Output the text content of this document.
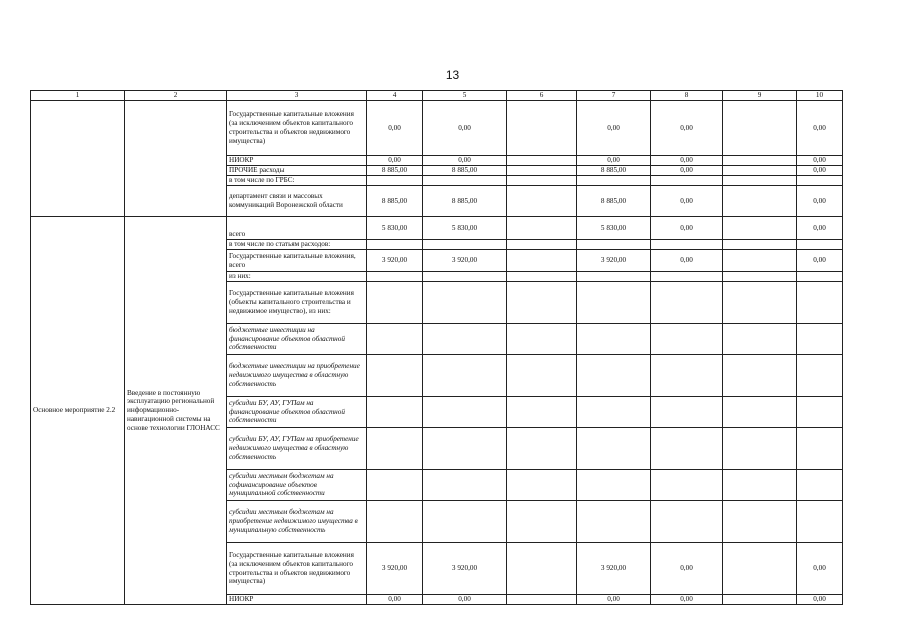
13
1	2	3	4	5	6	7	8	9	10
		Государственные капитальные вложения (за исключением объектов капитального строительства и объектов недвижимого имущества)	0,00	0,00		0,00	0,00		0,00
		НИОКР	0,00	0,00		0,00	0,00		0,00
		ПРОЧИЕ расходы	8 885,00	8 885,00		8 885,00	0,00		0,00
		в том числе по ГРБС:							
		департамент связи и массовых коммуникаций Воронежской области	8 885,00	8 885,00		8 885,00	0,00		0,00
Основное мероприятие 2.2	Введение в постоянную эксплуатацию региональной информационно-навигационной системы на основе технологии ГЛОНАСС	всего	5 830,00	5 830,00		5 830,00	0,00		0,00
		в том числе по статьям расходов:							
		Государственные капитальные вложения, всего	3 920,00	3 920,00		3 920,00	0,00		0,00
		из них:							
		Государственные капитальные вложения (объекты капитального строительства и недвижимое имущество), из них:							
		бюджетные инвестиции на финансирование объектов областной собственности							
		бюджетные инвестиции на приобретение недвижимого имущества в областную собственность							
		субсидии БУ, АУ, ГУПам на финансирование объектов областной собственности							
		субсидии БУ, АУ, ГУПам на приобретение недвижимого имущества в областную собственность							
		субсидии местным бюджетам на софинансирование объектов муниципальной собственности							
		субсидии местным бюджетам на приобретение недвижимого имущества в муниципальную собственность							
		Государственные капитальные вложения (за исключением объектов капитального строительства и объектов недвижимого имущества)	3 920,00	3 920,00		3 920,00	0,00		0,00
		НИОКР	0,00	0,00		0,00	0,00		0,00
